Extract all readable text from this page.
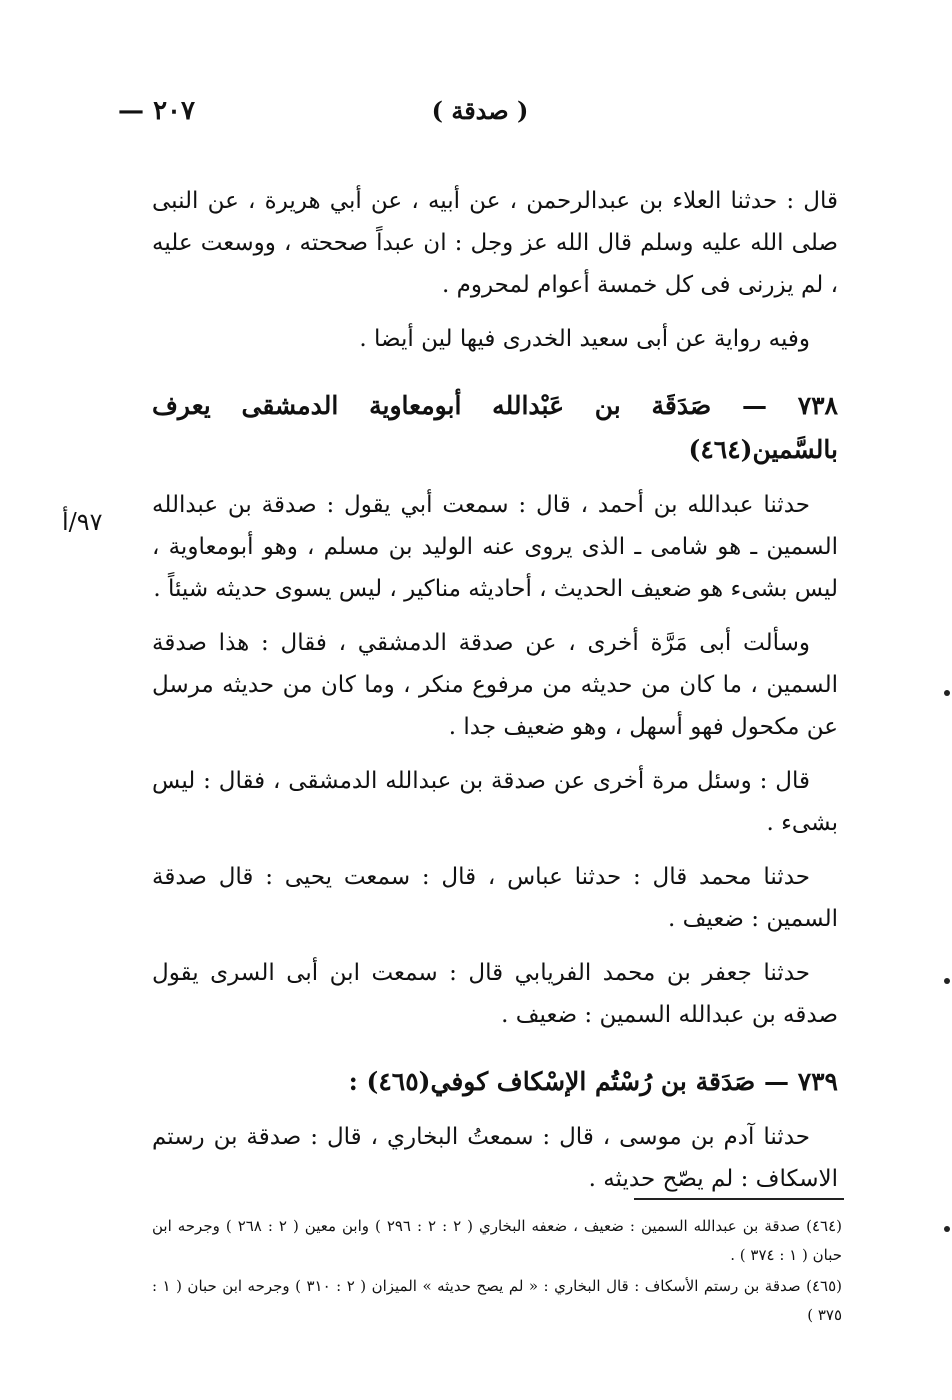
٢٠٧ —	( صدقة )
٩٧/أ

قال : حدثنا العلاء بن عبدالرحمن ، عن أبيه ، عن أبي هريرة ، عن النبى صلى الله عليه وسلم قال الله عز وجل : ان عبداً صححته ، ووسعت عليه ، لم يزرنى فى كل خمسة أعوام لمحروم .

وفيه رواية عن أبى سعيد الخدرى فيها لين أيضا .

٧٣٨ — صَدَقَة بن عَبْدالله أبومعاوية الدمشقى يعرف بالسَّمين(٤٦٤)

حدثنا عبدالله بن أحمد ، قال : سمعت أبي يقول : صدقة بن عبدالله السمين ـ هو شامى ـ الذى يروى عنه الوليد بن مسلم ، وهو أبومعاوية ، ليس بشىء هو ضعيف الحديث ، أحاديثه مناكير ، ليس يسوى حديثه شيئاً .

وسألت أبى مَرَّة أخرى ، عن صدقة الدمشقي ، فقال : هذا صدقة السمين ، ما كان من حديثه من مرفوع منكر ، وما كان من حديثه مرسل عن مكحول فهو أسهل ، وهو ضعيف جدا .

قال : وسئل مرة أخرى عن صدقة بن عبدالله الدمشقى ، فقال : ليس بشىء .

حدثنا محمد قال : حدثنا عباس ، قال : سمعت يحيى : قال صدقة السمين : ضعيف .

حدثنا جعفر بن محمد الفريابي قال : سمعت ابن أبى السرى يقول صدقه بن عبدالله السمين : ضعيف .

٧٣٩ — صَدَقة بن رُسْتُم الإسْكاف كوفي(٤٦٥) :

حدثنا آدم بن موسى ، قال : سمعتُ البخاري ، قال : صدقة بن رستم الاسكاف : لم يصّح حديثه .

(٤٦٤) صدقة بن عبدالله السمين : ضعيف ، ضعفه البخاري ( ٢ : ٢ : ٢٩٦ ) وابن معين ( ٢ : ٢٦٨ ) وجرحه ابن حبان ( ١ : ٣٧٤ ) .

(٤٦٥) صدقة بن رستم الأسكاف : قال البخاري : « لم يصح حديثه » الميزان ( ٢ : ٣١٠ ) وجرحه ابن حبان ( ١ : ٣٧٥ )
